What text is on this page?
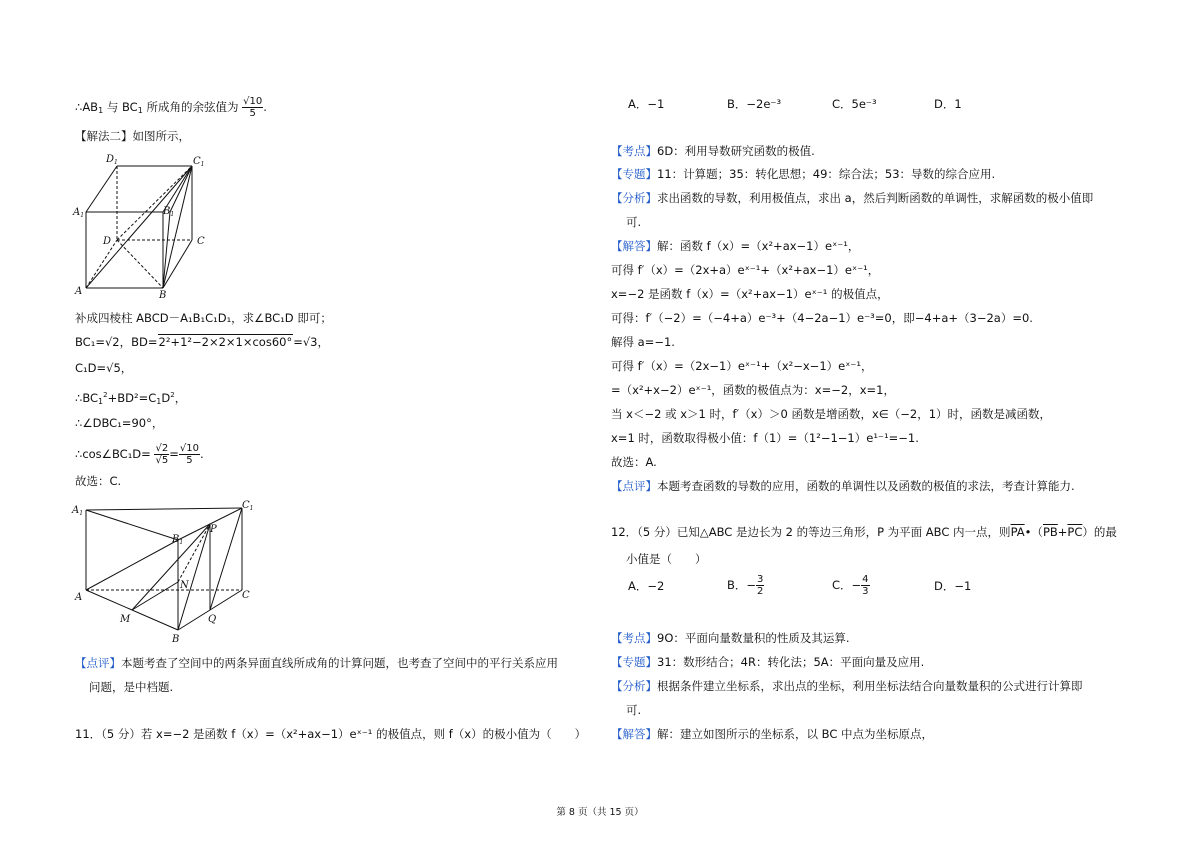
$\therefore AB_1$ 与 $BC_1$ 所成角的余弦值为 $\frac{√10}{5}$ .
【解法二】如图所示，
$D_1$	$C_1$
$A_1$	$B_1$
D	C
A	B
补成四棱柱 ABCD－A₁B₁C₁D₁，求∠BC₁D 即可；
BC₁=√2，BD=2²+1²−2×2×1×cos60°=√3，
C₁D=√5，
$\therefore BC_1^2+BD^2=C_1D^2$，
∴∠DBC₁=90°，
∴cos∠BC₁D= $\frac{√2}{√5} = \frac{√10}{5}$ .
故选：C.
$A_1$
$C_1$
$B_1$
P
N
A	C
M	Q
B
【点评】本题考查了空间中的两条异面直线所成角的计算问题，也考查了空间中的平行关系应用
问题，是中档题.
11．（5 分）若 x=−2 是函数 f（x）=（x²+ax−1）eˣ⁻¹ 的极值点，则 f（x）的极小值为（　　）
A．−1	B．−2e⁻³	C．5e⁻³	D．1
【考点】6D：利用导数研究函数的极值.
【专题】11：计算题；35：转化思想；49：综合法；53：导数的综合应用.
【分析】求出函数的导数，利用极值点，求出 a，然后判断函数的单调性，求解函数的极小值即
可.
【解答】解：函数 f（x）=（x²+ax−1）eˣ⁻¹，
可得 f′（x）=（2x+a）eˣ⁻¹+（x²+ax−1）eˣ⁻¹，
x=−2 是函数 f（x）=（x²+ax−1）eˣ⁻¹ 的极值点，
可得：f′（−2）=（−4+a）e⁻³+（4−2a−1）e⁻³=0，即−4+a+（3−2a）=0.
解得 a=−1.
可得 f′（x）=（2x−1）eˣ⁻¹+（x²−x−1）eˣ⁻¹，
=（x²+x−2）eˣ⁻¹，函数的极值点为：x=−2，x=1，
当 x＜−2 或 x＞1 时，f′（x）＞0 函数是增函数，x∈（−2，1）时，函数是减函数，
x=1 时，函数取得极小值：f（1）=（1²−1−1）e¹⁻¹=−1.
故选：A.
【点评】本题考查函数的导数的应用，函数的单调性以及函数的极值的求法，考查计算能力.
12．（5 分）已知△ABC 是边长为 2 的等边三角形，P 为平面 ABC 内一点，则$\overline{PA}•(\overline{PB}+\overline{PC})$的最
小值是（　　）
A．−2	B．− $\frac{3}{2}$	C．− $\frac{4}{3}$	D．−1
【考点】9O：平面向量数量积的性质及其运算.
【专题】31：数形结合；4R：转化法；5A：平面向量及应用.
【分析】根据条件建立坐标系，求出点的坐标，利用坐标法结合向量数量积的公式进行计算即
可.
【解答】解：建立如图所示的坐标系，以 BC 中点为坐标原点，
第 8 页（共 15 页）
